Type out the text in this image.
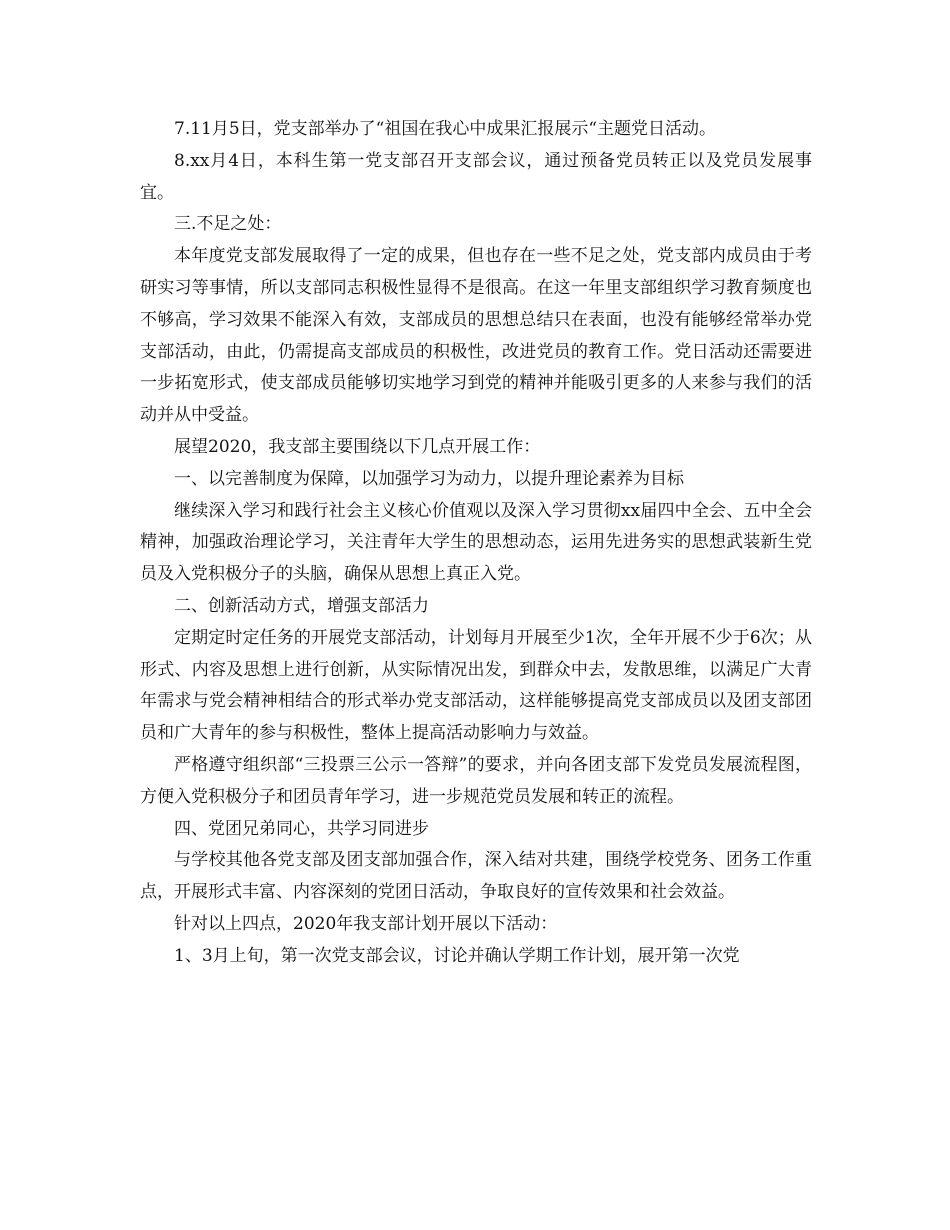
7.11月5日，党支部举办了“祖国在我心中成果汇报展示“主题党日活动。

8.xx月4日，本科生第一党支部召开支部会议，通过预备党员转正以及党员发展事宜。

三.不足之处：

本年度党支部发展取得了一定的成果，但也存在一些不足之处，党支部内成员由于考研实习等事情，所以支部同志积极性显得不是很高。在这一年里支部组织学习教育频度也不够高，学习效果不能深入有效，支部成员的思想总结只在表面，也没有能够经常举办党支部活动，由此，仍需提高支部成员的积极性，改进党员的教育工作。党日活动还需要进一步拓宽形式，使支部成员能够切实地学习到党的精神并能吸引更多的人来参与我们的活动并从中受益。

展望2020，我支部主要围绕以下几点开展工作：

一、以完善制度为保障，以加强学习为动力，以提升理论素养为目标

继续深入学习和践行社会主义核心价值观以及深入学习贯彻xx届四中全会、五中全会精神，加强政治理论学习，关注青年大学生的思想动态，运用先进务实的思想武装新生党员及入党积极分子的头脑，确保从思想上真正入党。

二、创新活动方式，增强支部活力

定期定时定任务的开展党支部活动，计划每月开展至少1次，全年开展不少于6次；从形式、内容及思想上进行创新，从实际情况出发，到群众中去，发散思维，以满足广大青年需求与党会精神相结合的形式举办党支部活动，这样能够提高党支部成员以及团支部团员和广大青年的参与积极性，整体上提高活动影响力与效益。

严格遵守组织部“三投票三公示一答辩”的要求，并向各团支部下发党员发展流程图，方便入党积极分子和团员青年学习，进一步规范党员发展和转正的流程。

四、党团兄弟同心，共学习同进步

与学校其他各党支部及团支部加强合作，深入结对共建，围绕学校党务、团务工作重点，开展形式丰富、内容深刻的党团日活动，争取良好的宣传效果和社会效益。

针对以上四点，2020年我支部计划开展以下活动：

1、3月上旬，第一次党支部会议，讨论并确认学期工作计划，展开第一次党
